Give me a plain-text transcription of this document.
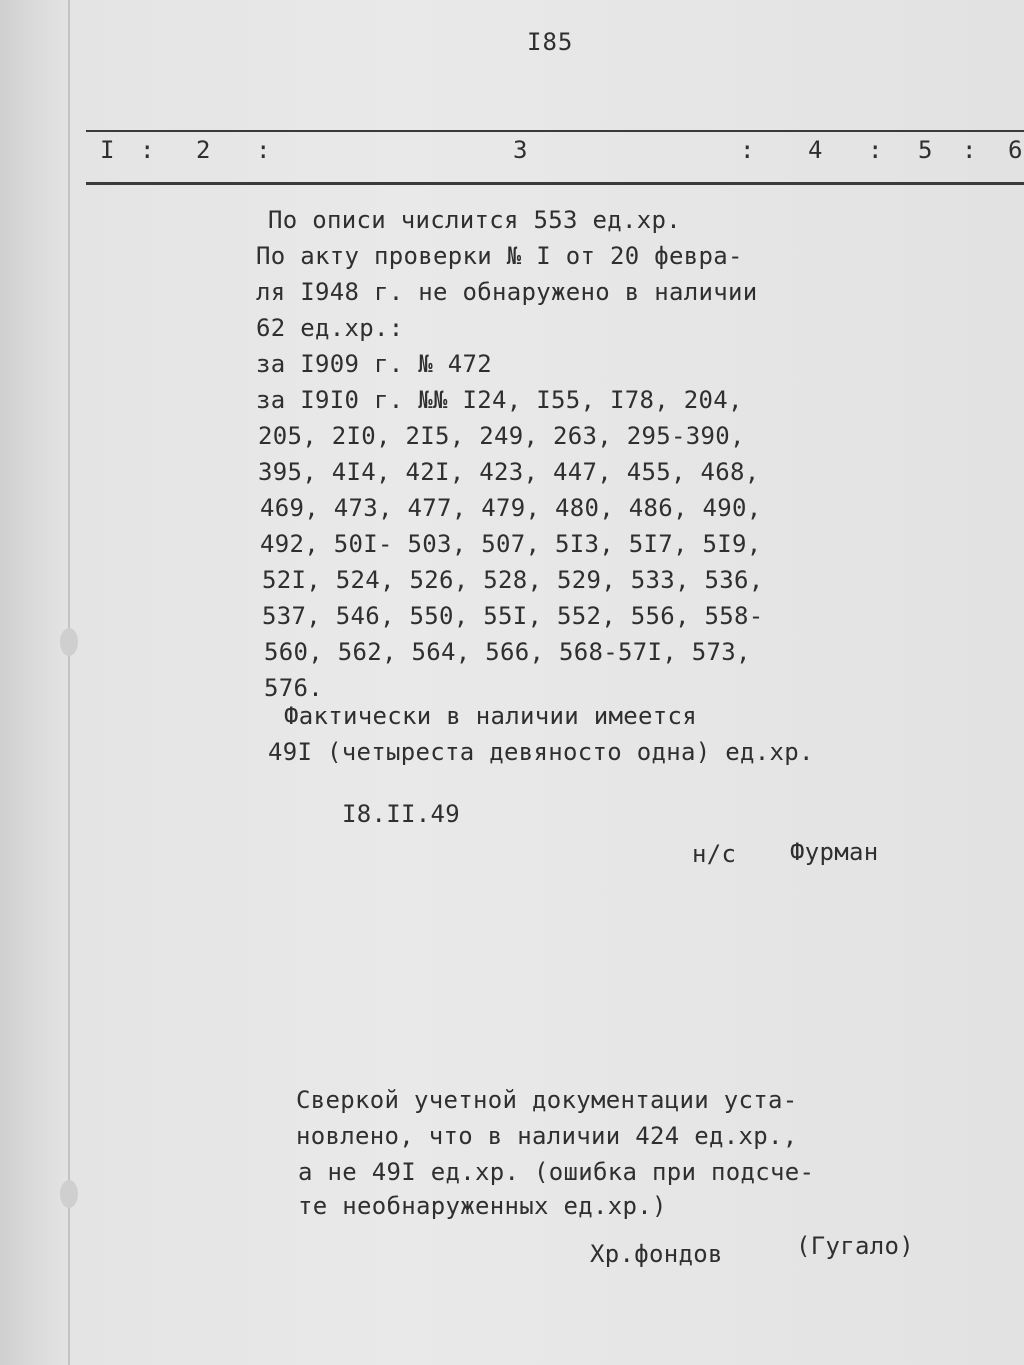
I85
I : 2 :	3	: 4 : 5 : 6
По описи числится 553 ед.хр.
По акту проверки № I от 20 февра-
ля I948 г. не обнаружено в наличии
62 ед.хр.:
за I909 г. № 472
за I9I0 г. №№ I24, I55, I78, 204,
205, 2I0, 2I5, 249, 263, 295-390,
395, 4I4, 42I, 423, 447, 455, 468,
469, 473, 477, 479, 480, 486, 490,
492, 50I- 503, 507, 5I3, 5I7, 5I9,
52I, 524, 526, 528, 529, 533, 536,
537, 546, 550, 55I, 552, 556, 558-
560, 562, 564, 566, 568-57I, 573,
576.
Фактически в наличии имеется
49I (четыреста девяносто одна) ед.хр.
I8.II.49
н/с Фурман
Сверкой учетной документации уста-
новлено, что в наличии 424 ед.хр.,
а не 49I ед.хр. (ошибка при подсче-
те необнаруженных ед.хр.)
Хр.фондов	(Гугало)
